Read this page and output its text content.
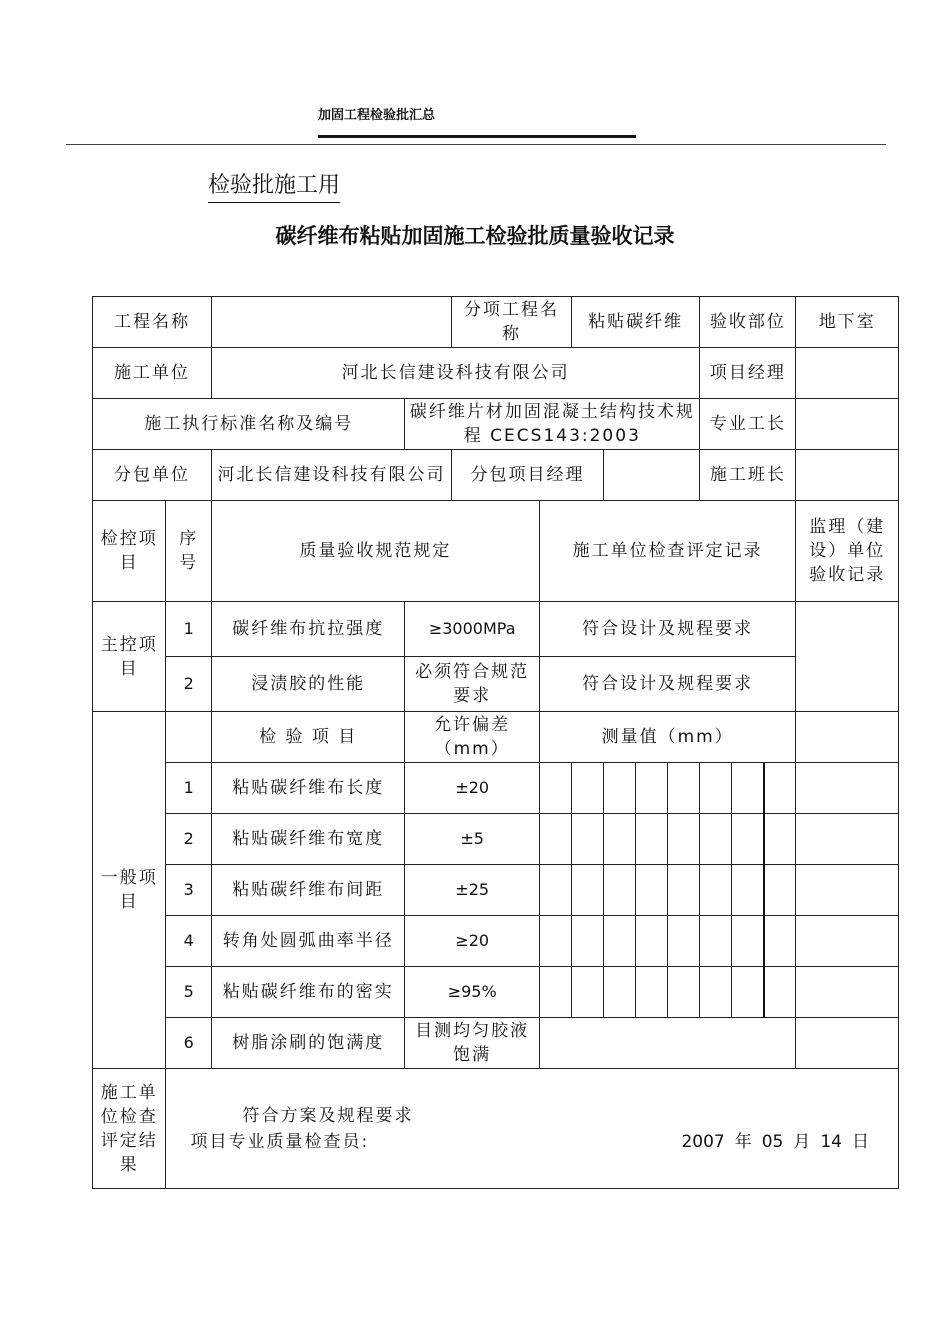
加固工程检验批汇总
检验批施工用
碳纤维布粘贴加固施工检验批质量验收记录
工程名称				分项工程名称		粘贴碳纤维				验收部位			地下室
施工单位		河北长信建设科技有限公司								项目经理			
施工执行标准名称及编号			碳纤维片材加固混凝土结构技术规程 CECS143:2003							专业工长			
分包单位		河北长信建设科技有限公司		分包项目经理						施工班长			
检控项目	序号	质量验收规范规定			施工单位检查评定记录								监理（建设）单位验收记录
主控项目	1	碳纤维布抗拉强度	≥3000MPa		符合设计及规程要求								
	2	浸渍胶的性能	必须符合规范要求		符合设计及规程要求								
一般项目		检 验 项 目	允许偏差（mm）		测量值（mm）								
	1	粘贴碳纤维布长度	±20										
	2	粘贴碳纤维布宽度	±5										
	3	粘贴碳纤维布间距	±25										
	4	转角处圆弧曲率半径	≥20										
	5	粘贴碳纤维布的密实	≥95%										
	6	树脂涂刷的饱满度	目测均匀胶液饱满										
施工单位检查评定结果	符合方案及规程要求
项目专业质量检查员: 2007 年 05 月 14 日												
